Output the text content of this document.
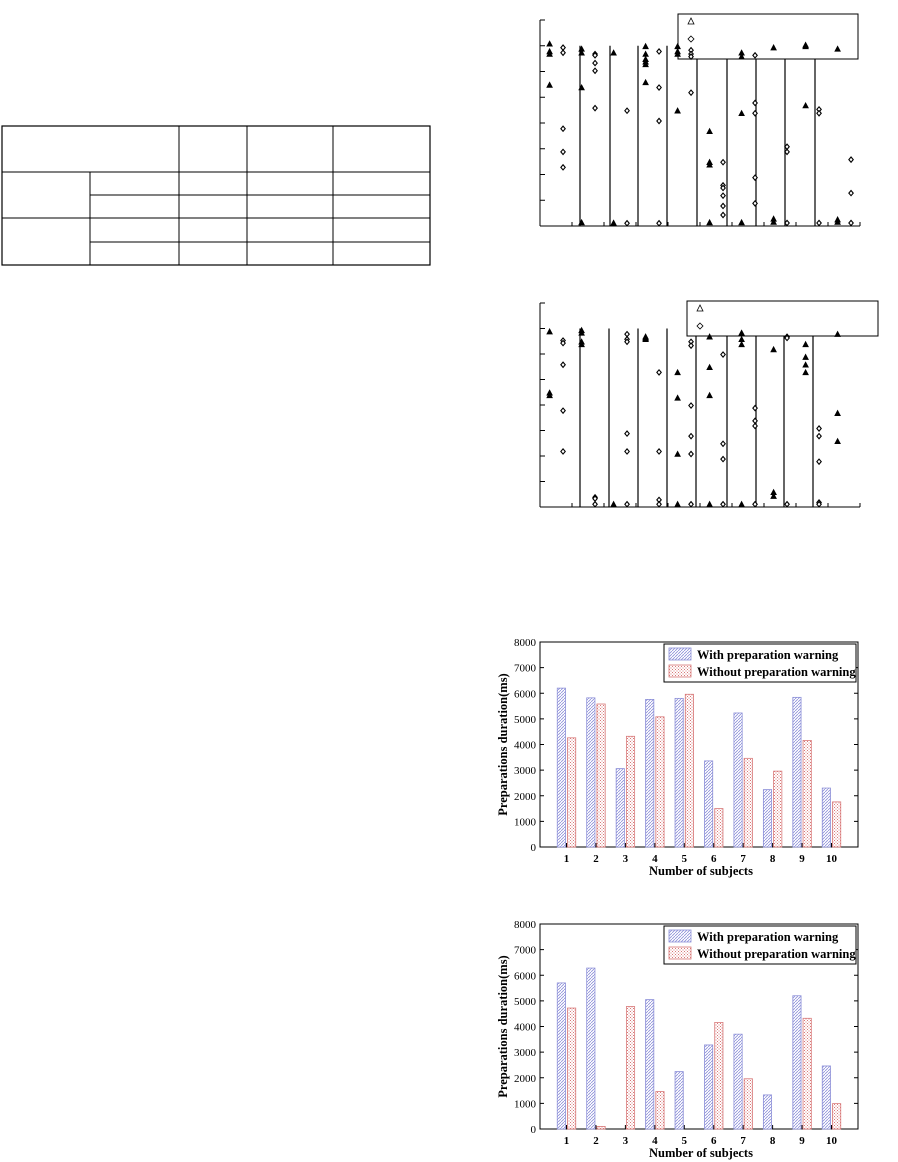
0
1000
2000
3000
4000
5000
6000
7000
8000
1 2 3 4 5 6 7 8 9 10
Number of subjects
Preparations duration(ms)
With preparation warning
Without preparation warning
0
1000
2000
3000
4000
5000
6000
7000
8000
1 2 3 4 5 6 7 8 9 10
Number of subjects
Preparations duration(ms)
With preparation warning
Without preparation warning
